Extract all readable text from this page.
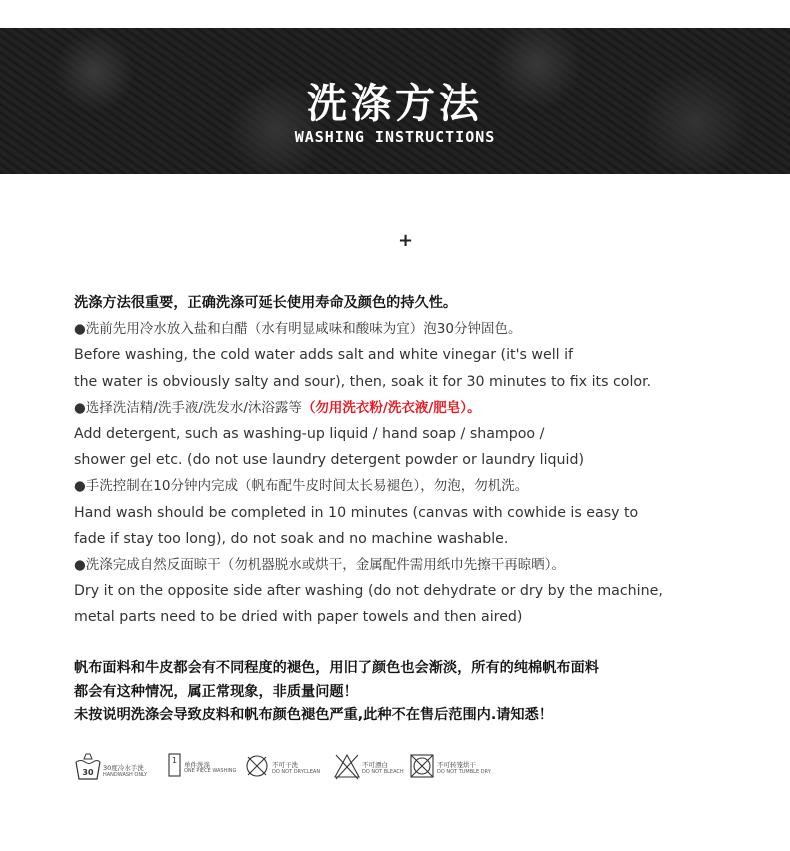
洗涤方法
WASHING INSTRUCTIONS
+
洗涤方法很重要，正确洗涤可延长使用寿命及颜色的持久性。
●洗前先用冷水放入盐和白醋（水有明显咸味和酸味为宜）泡30分钟固色。
Before washing, the cold water adds salt and white vinegar (it's well if
the water is obviously salty and sour), then, soak it for 30 minutes to fix its color.
●选择洗洁精/洗手液/洗发水/沐浴露等（勿用洗衣粉/洗衣液/肥皂）。
Add detergent, such as washing-up liquid / hand soap / shampoo /
shower gel etc. (do not use laundry detergent powder or laundry liquid)
●手洗控制在10分钟内完成（帆布配牛皮时间太长易褪色），勿泡，勿机洗。
Hand wash should be completed in 10 minutes (canvas with cowhide is easy to
fade if stay too long), do not soak and no machine washable.
●洗涤完成自然反面晾干（勿机器脱水或烘干，金属配件需用纸巾先擦干再晾晒）。
Dry it on the opposite side after washing (do not dehydrate or dry by the machine,
metal parts need to be dried with paper towels and then aired)
帆布面料和牛皮都会有不同程度的褪色，用旧了颜色也会渐淡，所有的纯棉帆布面料
都会有这种情况，属正常现象，非质量问题！
未按说明洗涤会导致皮料和帆布颜色褪色严重,此种不在售后范围内.请知悉！
30 30度冷水手洗
HANDWASH ONLY
1 单件洗涤
ONE PIECE WASHING
不可干洗
DO NOT DRYCLEAN
不可漂白
DO NOT BLEACH
不可转笼烘干
DO NOT TUMBLE DRY
